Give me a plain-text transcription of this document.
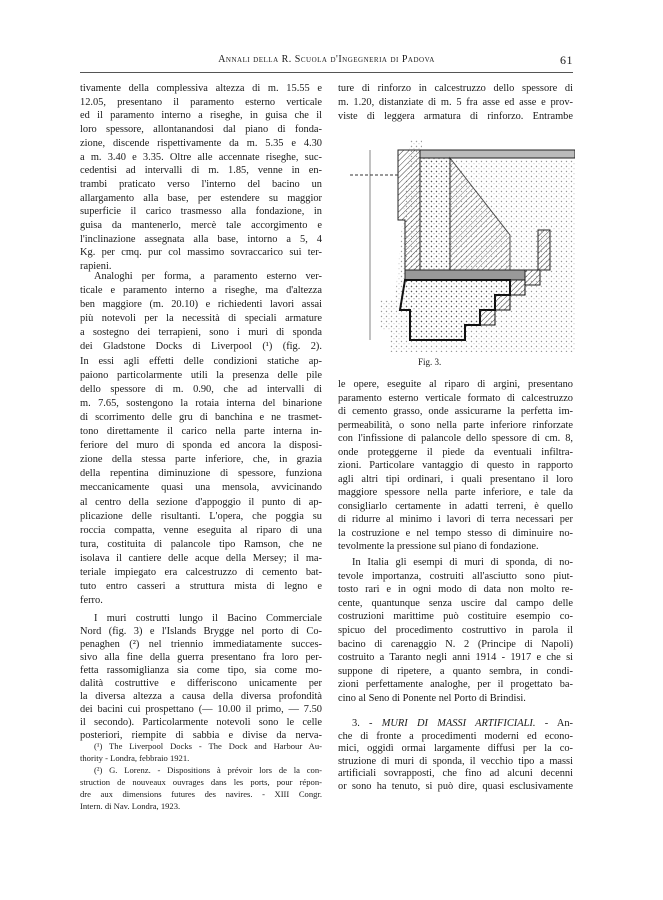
Annali della R. Scuola d'Ingegneria di Padova	61
tivamente della complessiva altezza di m. 15.55 e
12.05, presentano il paramento esterno verticale
ed il paramento interno a riseghe, in guisa che il
loro spessore, allontanandosi dal piano di fonda-
zione, discende rispettivamente da m. 5.35 e 4.30
a m. 3.40 e 3.35. Oltre alle accennate riseghe, suc-
cedentisi ad intervalli di m. 1.85, venne in en-
trambi praticato verso l'interno del bacino un
allargamento alla base, per estendere su maggior
superficie il carico trasmesso alla fondazione, in
guisa da mantenerlo, mercè tale accorgimento e
l'inclinazione assegnata alla base, intorno a 5, 4
Kg. per cmq. pur col massimo sovraccarico sui ter-
rapieni.
Analoghi per forma, a paramento esterno ver-
ticale e paramento interno a riseghe, ma d'altezza
ben maggiore (m. 20.10) e richiedenti lavori assai
più notevoli per la necessità di speciali armature
a sostegno dei terrapieni, sono i muri di sponda
dei Gladstone Docks di Liverpool (¹) (fig. 2).
In essi agli effetti delle condizioni statiche ap-
paiono particolarmente utili la presenza delle pile
dello spessore di m. 0.90, che ad intervalli di
m. 7.65, sostengono la rotaia interna del binarione
di scorrimento delle gru di banchina e ne trasmet-
tono direttamente il carico nella parte interna in-
feriore del muro di sponda ed ancora la disposi-
zione della stessa parte inferiore, che, in grazia
della repentina diminuzione di spessore, funziona
meccanicamente quasi una mensola, avvicinando
al centro della sezione d'appoggio il punto di ap-
plicazione delle risultanti. L'opera, che poggia su
roccia compatta, venne eseguita al riparo di una
tura, costituita di palancole tipo Ramson, che ne
isolava il cantiere delle acque della Mersey; il ma-
teriale impiegato era calcestruzzo di cemento bat-
tuto entro casseri a struttura mista di legno e
ferro.
I muri costrutti lungo il Bacino Commerciale
Nord (fig. 3) e l'Islands Brygge nel porto di Co-
penaghen (²) nel triennio immediatamente succes-
sivo alla fine della guerra presentano fra loro per-
fetta rassomiglianza sia come tipo, sia come mo-
dalità costruttive e differiscono unicamente per
la diversa altezza a causa della diversa profondità
dei bacini cui prospettano (— 10.00 il primo, — 7.50
il secondo). Particolarmente notevoli sono le celle
posteriori, riempite di sabbia e divise da nerva-
(¹) The Liverpool Docks - The Dock and Harbour Au-
thority - Londra, febbraio 1921.
(²) G. Lorenz. - Dispositions à prévoir lors de la con-
struction de nouveaux ouvrages dans les ports, pour répon-
dre aux dimensions futures des navires. - XIII Congr.
Intern. di Nav. Londra, 1923.
ture di rinforzo in calcestruzzo dello spessore di
m. 1.20, distanziate di m. 5 fra asse ed asse e prov-
viste di leggera armatura di rinforzo. Entrambe
Fig. 3.
le opere, eseguite al riparo di argini, presentano
paramento esterno verticale formato di calcestruzzo
di cemento grasso, onde assicurarne la perfetta im-
permeabilità, o sono nella parte inferiore rinforzate
con l'infissione di palancole dello spessore di cm. 8,
onde proteggerne il piede da eventuali infiltra-
zioni. Particolare vantaggio di questo in rapporto
agli altri tipi ordinari, i quali presentano il loro
maggiore spessore nella parte inferiore, e tale da
consigliarlo certamente in adatti terreni, è quello
di ridurre al minimo i lavori di terra necessari per
la costruzione e nel tempo stesso di diminuire no-
tevolmente la pressione sul piano di fondazione.
In Italia gli esempi di muri di sponda, di no-
tevole importanza, costruiti all'asciutto sono piut-
tosto rari e in ogni modo di data non molto re-
cente, quantunque senza uscire dal campo delle
costruzioni marittime può costituire esempio co-
spicuo del procedimento costruttivo in parola il
bacino di carenaggio N. 2 (Principe di Napoli)
costruito a Taranto negli anni 1914 - 1917 e che si
suppone di ripetere, a quanto sembra, in condi-
zioni perfettamente analoghe, per il progettato ba-
cino al Seno di Ponente nel Porto di Brindisi.
3. - MURI DI MASSI ARTIFICIALI. - An-
che di fronte a procedimenti moderni ed econo-
mici, oggidì ormai largamente diffusi per la co-
struzione di muri di sponda, il vecchio tipo a massi
artificiali sovrapposti, che fino ad alcuni decenni
or sono ha tenuto, si può dire, quasi esclusivamente
